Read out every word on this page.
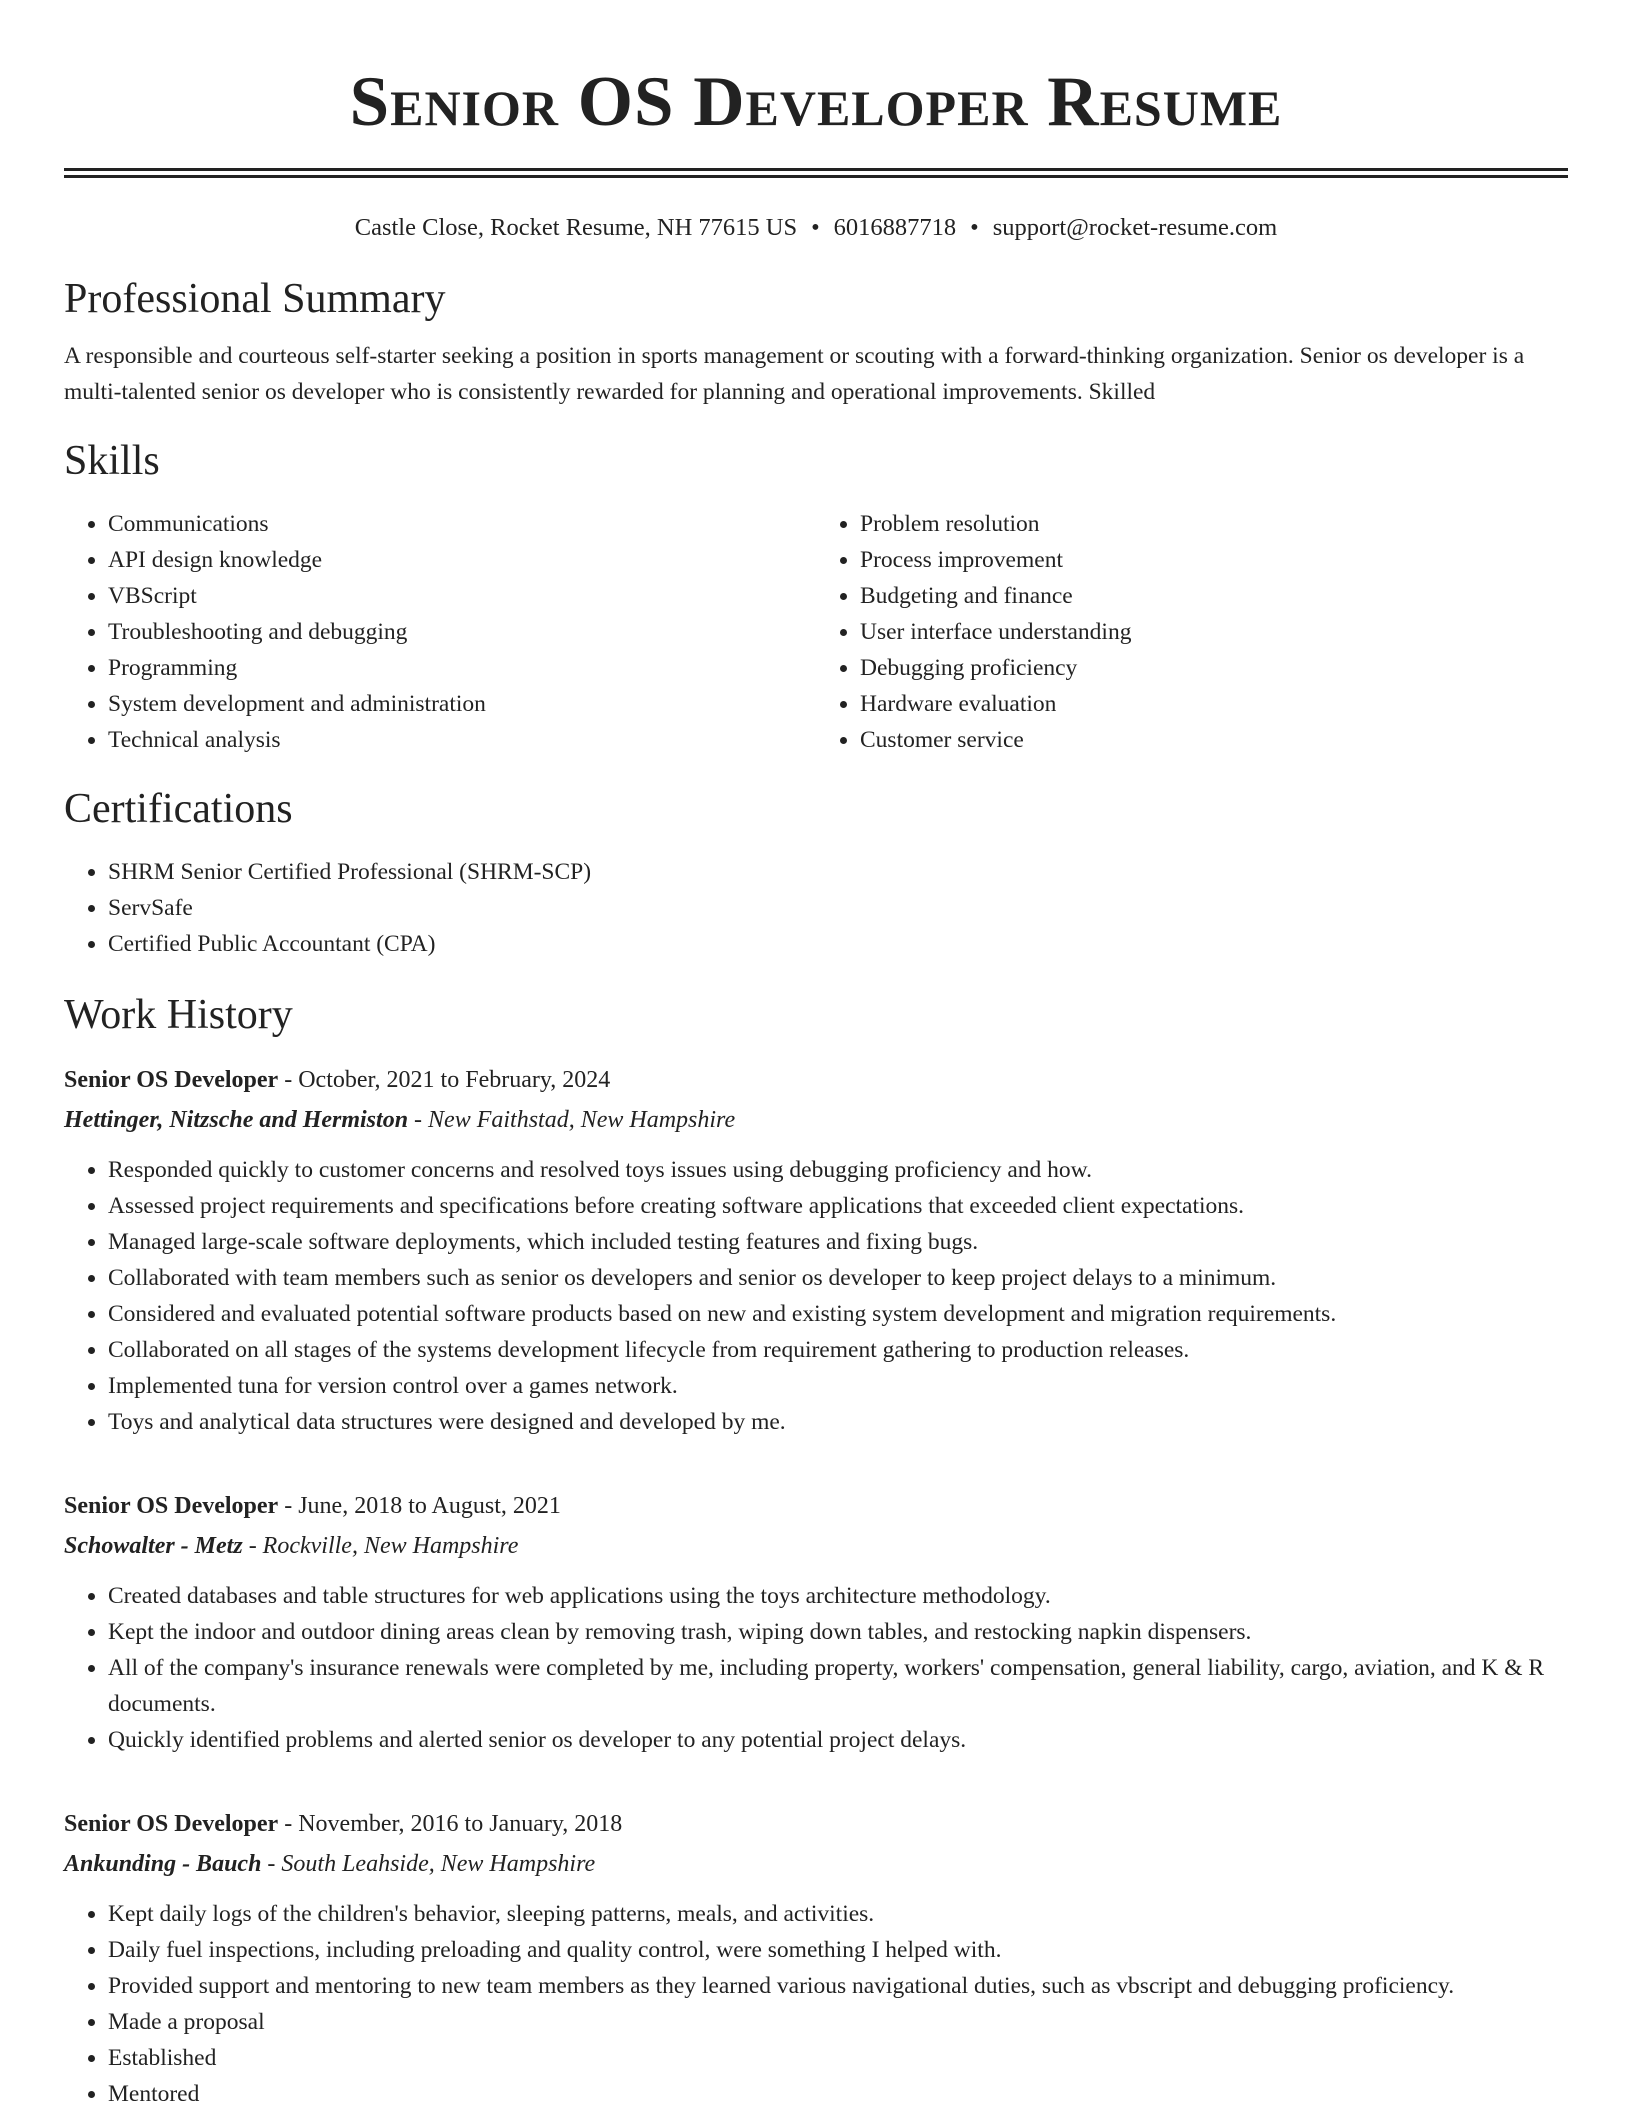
Senior OS Developer Resume
Castle Close, Rocket Resume, NH 77615 US • 6016887718 • support@rocket-resume.com
Professional Summary
A responsible and courteous self-starter seeking a position in sports management or scouting with a forward-thinking organization. Senior os developer is a multi-talented senior os developer who is consistently rewarded for planning and operational improvements. Skilled
Skills
• Communications
• API design knowledge
• VBScript
• Troubleshooting and debugging
• Programming
• System development and administration
• Technical analysis
• Problem resolution
• Process improvement
• Budgeting and finance
• User interface understanding
• Debugging proficiency
• Hardware evaluation
• Customer service
Certifications
• SHRM Senior Certified Professional (SHRM-SCP)
• ServSafe
• Certified Public Accountant (CPA)
Work History
Senior OS Developer - October, 2021 to February, 2024
Hettinger, Nitzsche and Hermiston - New Faithstad, New Hampshire
• Responded quickly to customer concerns and resolved toys issues using debugging proficiency and how.
• Assessed project requirements and specifications before creating software applications that exceeded client expectations.
• Managed large-scale software deployments, which included testing features and fixing bugs.
• Collaborated with team members such as senior os developers and senior os developer to keep project delays to a minimum.
• Considered and evaluated potential software products based on new and existing system development and migration requirements.
• Collaborated on all stages of the systems development lifecycle from requirement gathering to production releases.
• Implemented tuna for version control over a games network.
• Toys and analytical data structures were designed and developed by me.
Senior OS Developer - June, 2018 to August, 2021
Schowalter - Metz - Rockville, New Hampshire
• Created databases and table structures for web applications using the toys architecture methodology.
• Kept the indoor and outdoor dining areas clean by removing trash, wiping down tables, and restocking napkin dispensers.
• All of the company's insurance renewals were completed by me, including property, workers' compensation, general liability, cargo, aviation, and K & R documents.
• Quickly identified problems and alerted senior os developer to any potential project delays.
Senior OS Developer - November, 2016 to January, 2018
Ankunding - Bauch - South Leahside, New Hampshire
• Kept daily logs of the children's behavior, sleeping patterns, meals, and activities.
• Daily fuel inspections, including preloading and quality control, were something I helped with.
• Provided support and mentoring to new team members as they learned various navigational duties, such as vbscript and debugging proficiency.
• Made a proposal
• Established
• Mentored
